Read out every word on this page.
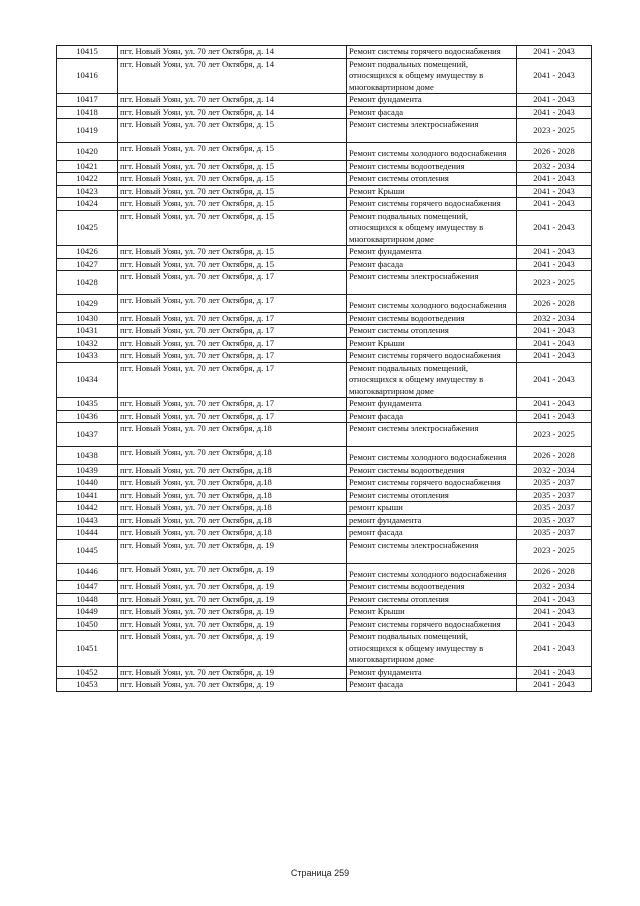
10415	пгт. Новый Уоян, ул. 70 лет Октября, д. 14	Ремонт системы горячего водоснабжения	2041 - 2043
10416	пгт. Новый Уоян, ул. 70 лет Октября, д. 14	Ремонт подвальных помещений, относящихся к общему имуществу в многоквартирном доме	2041 - 2043
10417	пгт. Новый Уоян, ул. 70 лет Октября, д. 14	Ремонт фундамента	2041 - 2043
10418	пгт. Новый Уоян, ул. 70 лет Октября, д. 14	Ремонт фасада	2041 - 2043
10419	пгт. Новый Уоян, ул. 70 лет Октября, д. 15	Ремонт системы электроснабжения	2023 - 2025
10420	пгт. Новый Уоян, ул. 70 лет Октября, д. 15	Ремонт системы холодного водоснабжения	2026 - 2028
10421	пгт. Новый Уоян, ул. 70 лет Октября, д. 15	Ремонт системы водоотведения	2032 - 2034
10422	пгт. Новый Уоян, ул. 70 лет Октября, д. 15	Ремонт системы отопления	2041 - 2043
10423	пгт. Новый Уоян, ул. 70 лет Октября, д. 15	Ремонт Крыши	2041 - 2043
10424	пгт. Новый Уоян, ул. 70 лет Октября, д. 15	Ремонт системы горячего водоснабжения	2041 - 2043
10425	пгт. Новый Уоян, ул. 70 лет Октября, д. 15	Ремонт подвальных помещений, относящихся к общему имуществу в многоквартирном доме	2041 - 2043
10426	пгт. Новый Уоян, ул. 70 лет Октября, д. 15	Ремонт фундамента	2041 - 2043
10427	пгт. Новый Уоян, ул. 70 лет Октября, д. 15	Ремонт фасада	2041 - 2043
10428	пгт. Новый Уоян, ул. 70 лет Октября, д. 17	Ремонт системы электроснабжения	2023 - 2025
10429	пгт. Новый Уоян, ул. 70 лет Октября, д. 17	Ремонт системы холодного водоснабжения	2026 - 2028
10430	пгт. Новый Уоян, ул. 70 лет Октября, д. 17	Ремонт системы водоотведения	2032 - 2034
10431	пгт. Новый Уоян, ул. 70 лет Октября, д. 17	Ремонт системы отопления	2041 - 2043
10432	пгт. Новый Уоян, ул. 70 лет Октября, д. 17	Ремонт Крыши	2041 - 2043
10433	пгт. Новый Уоян, ул. 70 лет Октября, д. 17	Ремонт системы горячего водоснабжения	2041 - 2043
10434	пгт. Новый Уоян, ул. 70 лет Октября, д. 17	Ремонт подвальных помещений, относящихся к общему имуществу в многоквартирном доме	2041 - 2043
10435	пгт. Новый Уоян, ул. 70 лет Октября, д. 17	Ремонт фундамента	2041 - 2043
10436	пгт. Новый Уоян, ул. 70 лет Октября, д. 17	Ремонт фасада	2041 - 2043
10437	пгт. Новый Уоян, ул. 70 лет Октября, д.18	Ремонт системы электроснабжения	2023 - 2025
10438	пгт. Новый Уоян, ул. 70 лет Октября, д.18	Ремонт системы холодного водоснабжения	2026 - 2028
10439	пгт. Новый Уоян, ул. 70 лет Октября, д.18	Ремонт системы водоотведения	2032 - 2034
10440	пгт. Новый Уоян, ул. 70 лет Октября, д.18	Ремонт системы горячего водоснабжения	2035 - 2037
10441	пгт. Новый Уоян, ул. 70 лет Октября, д.18	Ремонт системы отопления	2035 - 2037
10442	пгт. Новый Уоян, ул. 70 лет Октября, д.18	ремонт крыши	2035 - 2037
10443	пгт. Новый Уоян, ул. 70 лет Октября, д.18	ремонт фундамента	2035 - 2037
10444	пгт. Новый Уоян, ул. 70 лет Октября, д.18	ремонт фасада	2035 - 2037
10445	пгт. Новый Уоян, ул. 70 лет Октября, д. 19	Ремонт системы электроснабжения	2023 - 2025
10446	пгт. Новый Уоян, ул. 70 лет Октября, д. 19	Ремонт системы холодного водоснабжения	2026 - 2028
10447	пгт. Новый Уоян, ул. 70 лет Октября, д. 19	Ремонт системы водоотведения	2032 - 2034
10448	пгт. Новый Уоян, ул. 70 лет Октября, д. 19	Ремонт системы отопления	2041 - 2043
10449	пгт. Новый Уоян, ул. 70 лет Октября, д. 19	Ремонт Крыши	2041 - 2043
10450	пгт. Новый Уоян, ул. 70 лет Октября, д. 19	Ремонт системы горячего водоснабжения	2041 - 2043
10451	пгт. Новый Уоян, ул. 70 лет Октября, д. 19	Ремонт подвальных помещений, относящихся к общему имуществу в многоквартирном доме	2041 - 2043
10452	пгт. Новый Уоян, ул. 70 лет Октября, д. 19	Ремонт фундамента	2041 - 2043
10453	пгт. Новый Уоян, ул. 70 лет Октября, д. 19	Ремонт фасада	2041 - 2043
Страница 259
